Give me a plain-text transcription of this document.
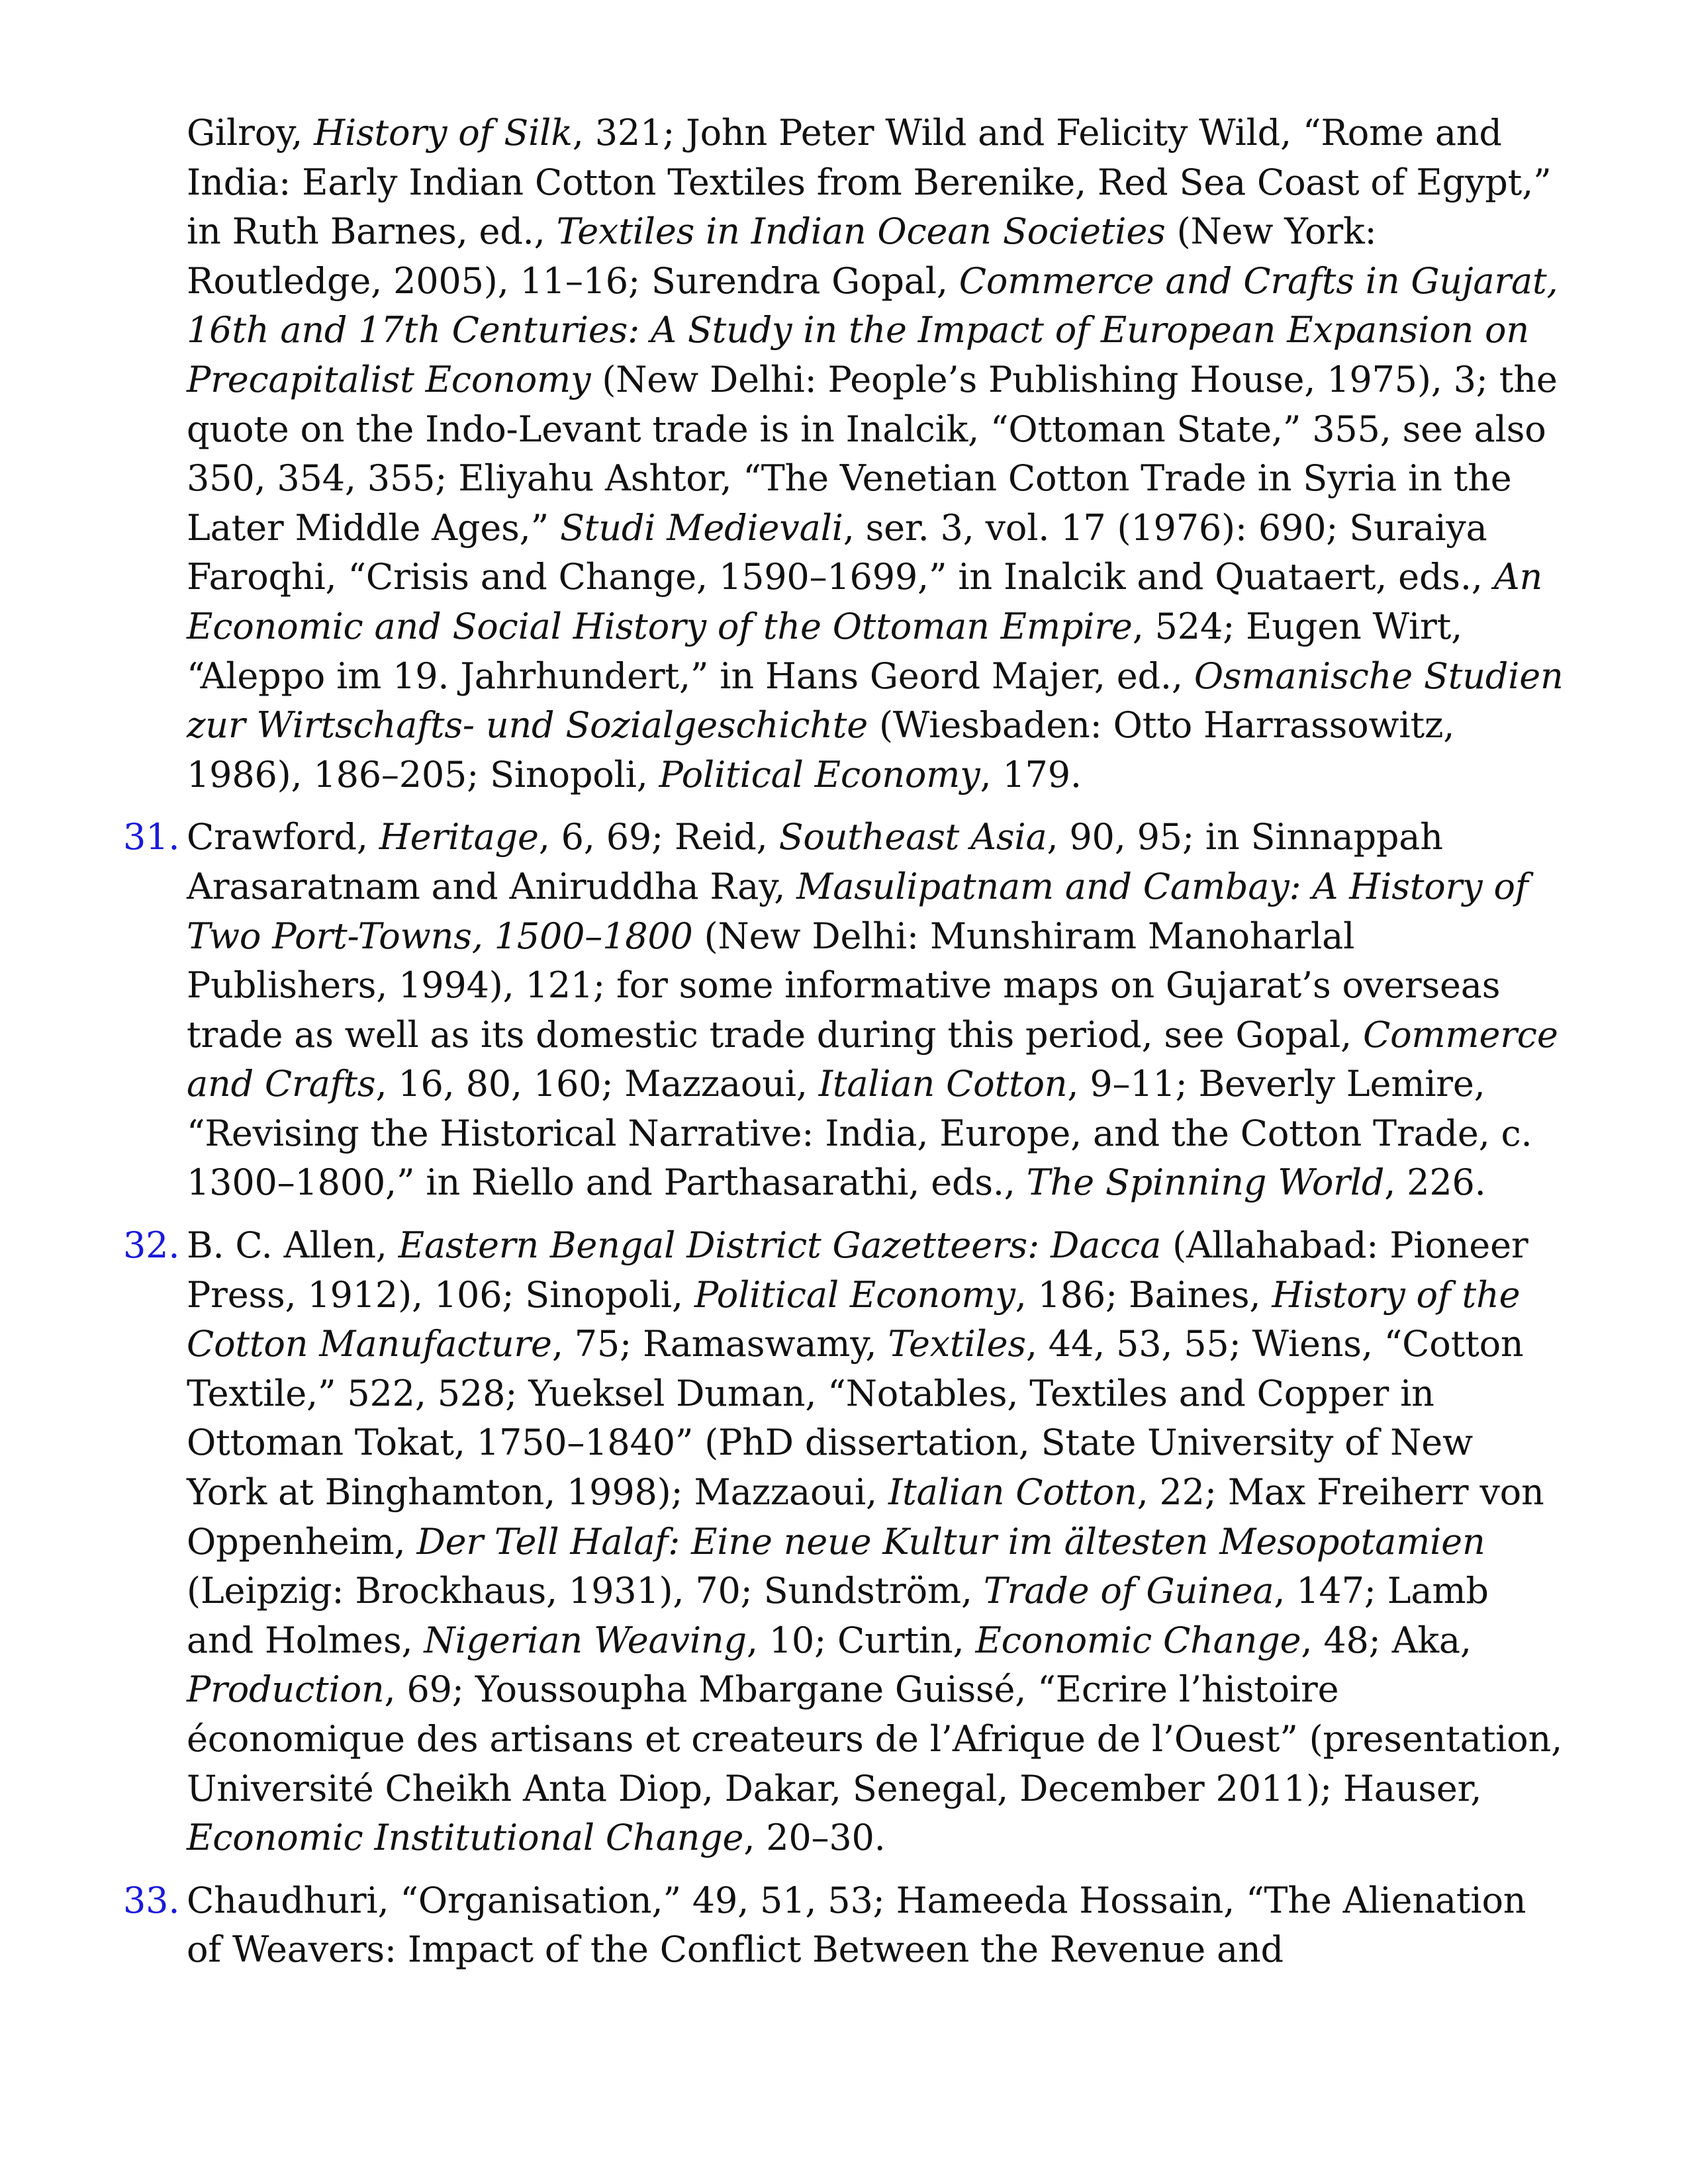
Gilroy, History of Silk, 321; John Peter Wild and Felicity Wild, “Rome and India: Early Indian Cotton Textiles from Berenike, Red Sea Coast of Egypt,” in Ruth Barnes, ed., Textiles in Indian Ocean Societies (New York: Routledge, 2005), 11–16; Surendra Gopal, Commerce and Crafts in Gujarat, 16th and 17th Centuries: A Study in the Impact of European Expansion on Precapitalist Economy (New Delhi: People’s Publishing House, 1975), 3; the quote on the Indo-Levant trade is in Inalcik, “Ottoman State,” 355, see also 350, 354, 355; Eliyahu Ashtor, “The Venetian Cotton Trade in Syria in the Later Middle Ages,” Studi Medievali, ser. 3, vol. 17 (1976): 690; Suraiya Faroqhi, “Crisis and Change, 1590–1699,” in Inalcik and Quataert, eds., An Economic and Social History of the Ottoman Empire, 524; Eugen Wirt, “Aleppo im 19. Jahrhundert,” in Hans Geord Majer, ed., Osmanische Studien zur Wirtschafts- und Sozialgeschichte (Wiesbaden: Otto Harrassowitz, 1986), 186–205; Sinopoli, Political Economy, 179.

31. Crawford, Heritage, 6, 69; Reid, Southeast Asia, 90, 95; in Sinnappah Arasaratnam and Aniruddha Ray, Masulipatnam and Cambay: A History of Two Port-Towns, 1500–1800 (New Delhi: Munshiram Manoharlal Publishers, 1994), 121; for some informative maps on Gujarat’s overseas trade as well as its domestic trade during this period, see Gopal, Commerce and Crafts, 16, 80, 160; Mazzaoui, Italian Cotton, 9–11; Beverly Lemire, “Revising the Historical Narrative: India, Europe, and the Cotton Trade, c. 1300–1800,” in Riello and Parthasarathi, eds., The Spinning World, 226.

32. B. C. Allen, Eastern Bengal District Gazetteers: Dacca (Allahabad: Pioneer Press, 1912), 106; Sinopoli, Political Economy, 186; Baines, History of the Cotton Manufacture, 75; Ramaswamy, Textiles, 44, 53, 55; Wiens, “Cotton Textile,” 522, 528; Yueksel Duman, “Notables, Textiles and Copper in Ottoman Tokat, 1750–1840” (PhD dissertation, State University of New York at Binghamton, 1998); Mazzaoui, Italian Cotton, 22; Max Freiherr von Oppenheim, Der Tell Halaf: Eine neue Kultur im ältesten Mesopotamien (Leipzig: Brockhaus, 1931), 70; Sundström, Trade of Guinea, 147; Lamb and Holmes, Nigerian Weaving, 10; Curtin, Economic Change, 48; Aka, Production, 69; Youssoupha Mbargane Guissé, “Ecrire l’histoire économique des artisans et createurs de l’Afrique de l’Ouest” (presentation, Université Cheikh Anta Diop, Dakar, Senegal, December 2011); Hauser, Economic Institutional Change, 20–30.

33. Chaudhuri, “Organisation,” 49, 51, 53; Hameeda Hossain, “The Alienation of Weavers: Impact of the Conflict Between the Revenue and
